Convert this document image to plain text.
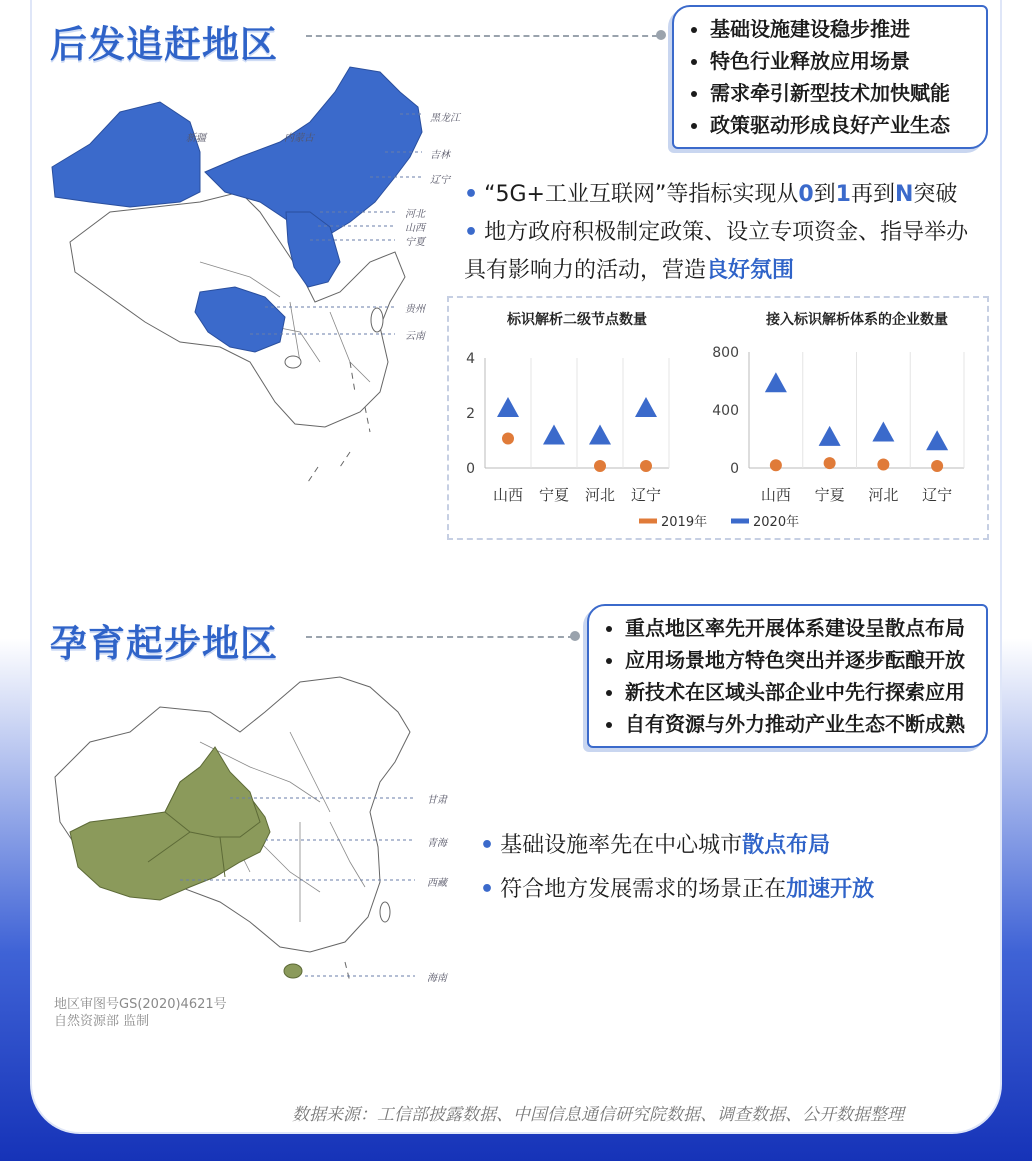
后发追赶地区	• 基础设施建设稳步推进
• 特色行业释放应用场景
• 需求牵引新型技术加快赋能
• 政策驱动形成良好产业生态
新疆	内蒙古
黑龙江
吉林
辽宁
河北
山西
宁夏
贵州
云南
• “5G+工业互联网”等指标实现从0到1再到N突破
• 地方政府积极制定政策、设立专项资金、指导举办
具有影响力的活动，营造良好氛围
标识解析二级节点数量
0
2
4
山西 宁夏 河北 辽宁
接入标识解析体系的企业数量
0
400
800
山西 宁夏 河北 辽宁
2019年	2020年
孕育起步地区	• 重点地区率先开展体系建设呈散点布局
• 应用场景地方特色突出并逐步酝酿开放
• 新技术在区域头部企业中先行探索应用
• 自有资源与外力推动产业生态不断成熟
甘肃
青海
西藏
海南
地区审图号GS(2020)4621号
自然资源部 监制
• 基础设施率先在中心城市散点布局
• 符合地方发展需求的场景正在加速开放
数据来源：工信部披露数据、中国信息通信研究院数据、调查数据、公开数据整理
